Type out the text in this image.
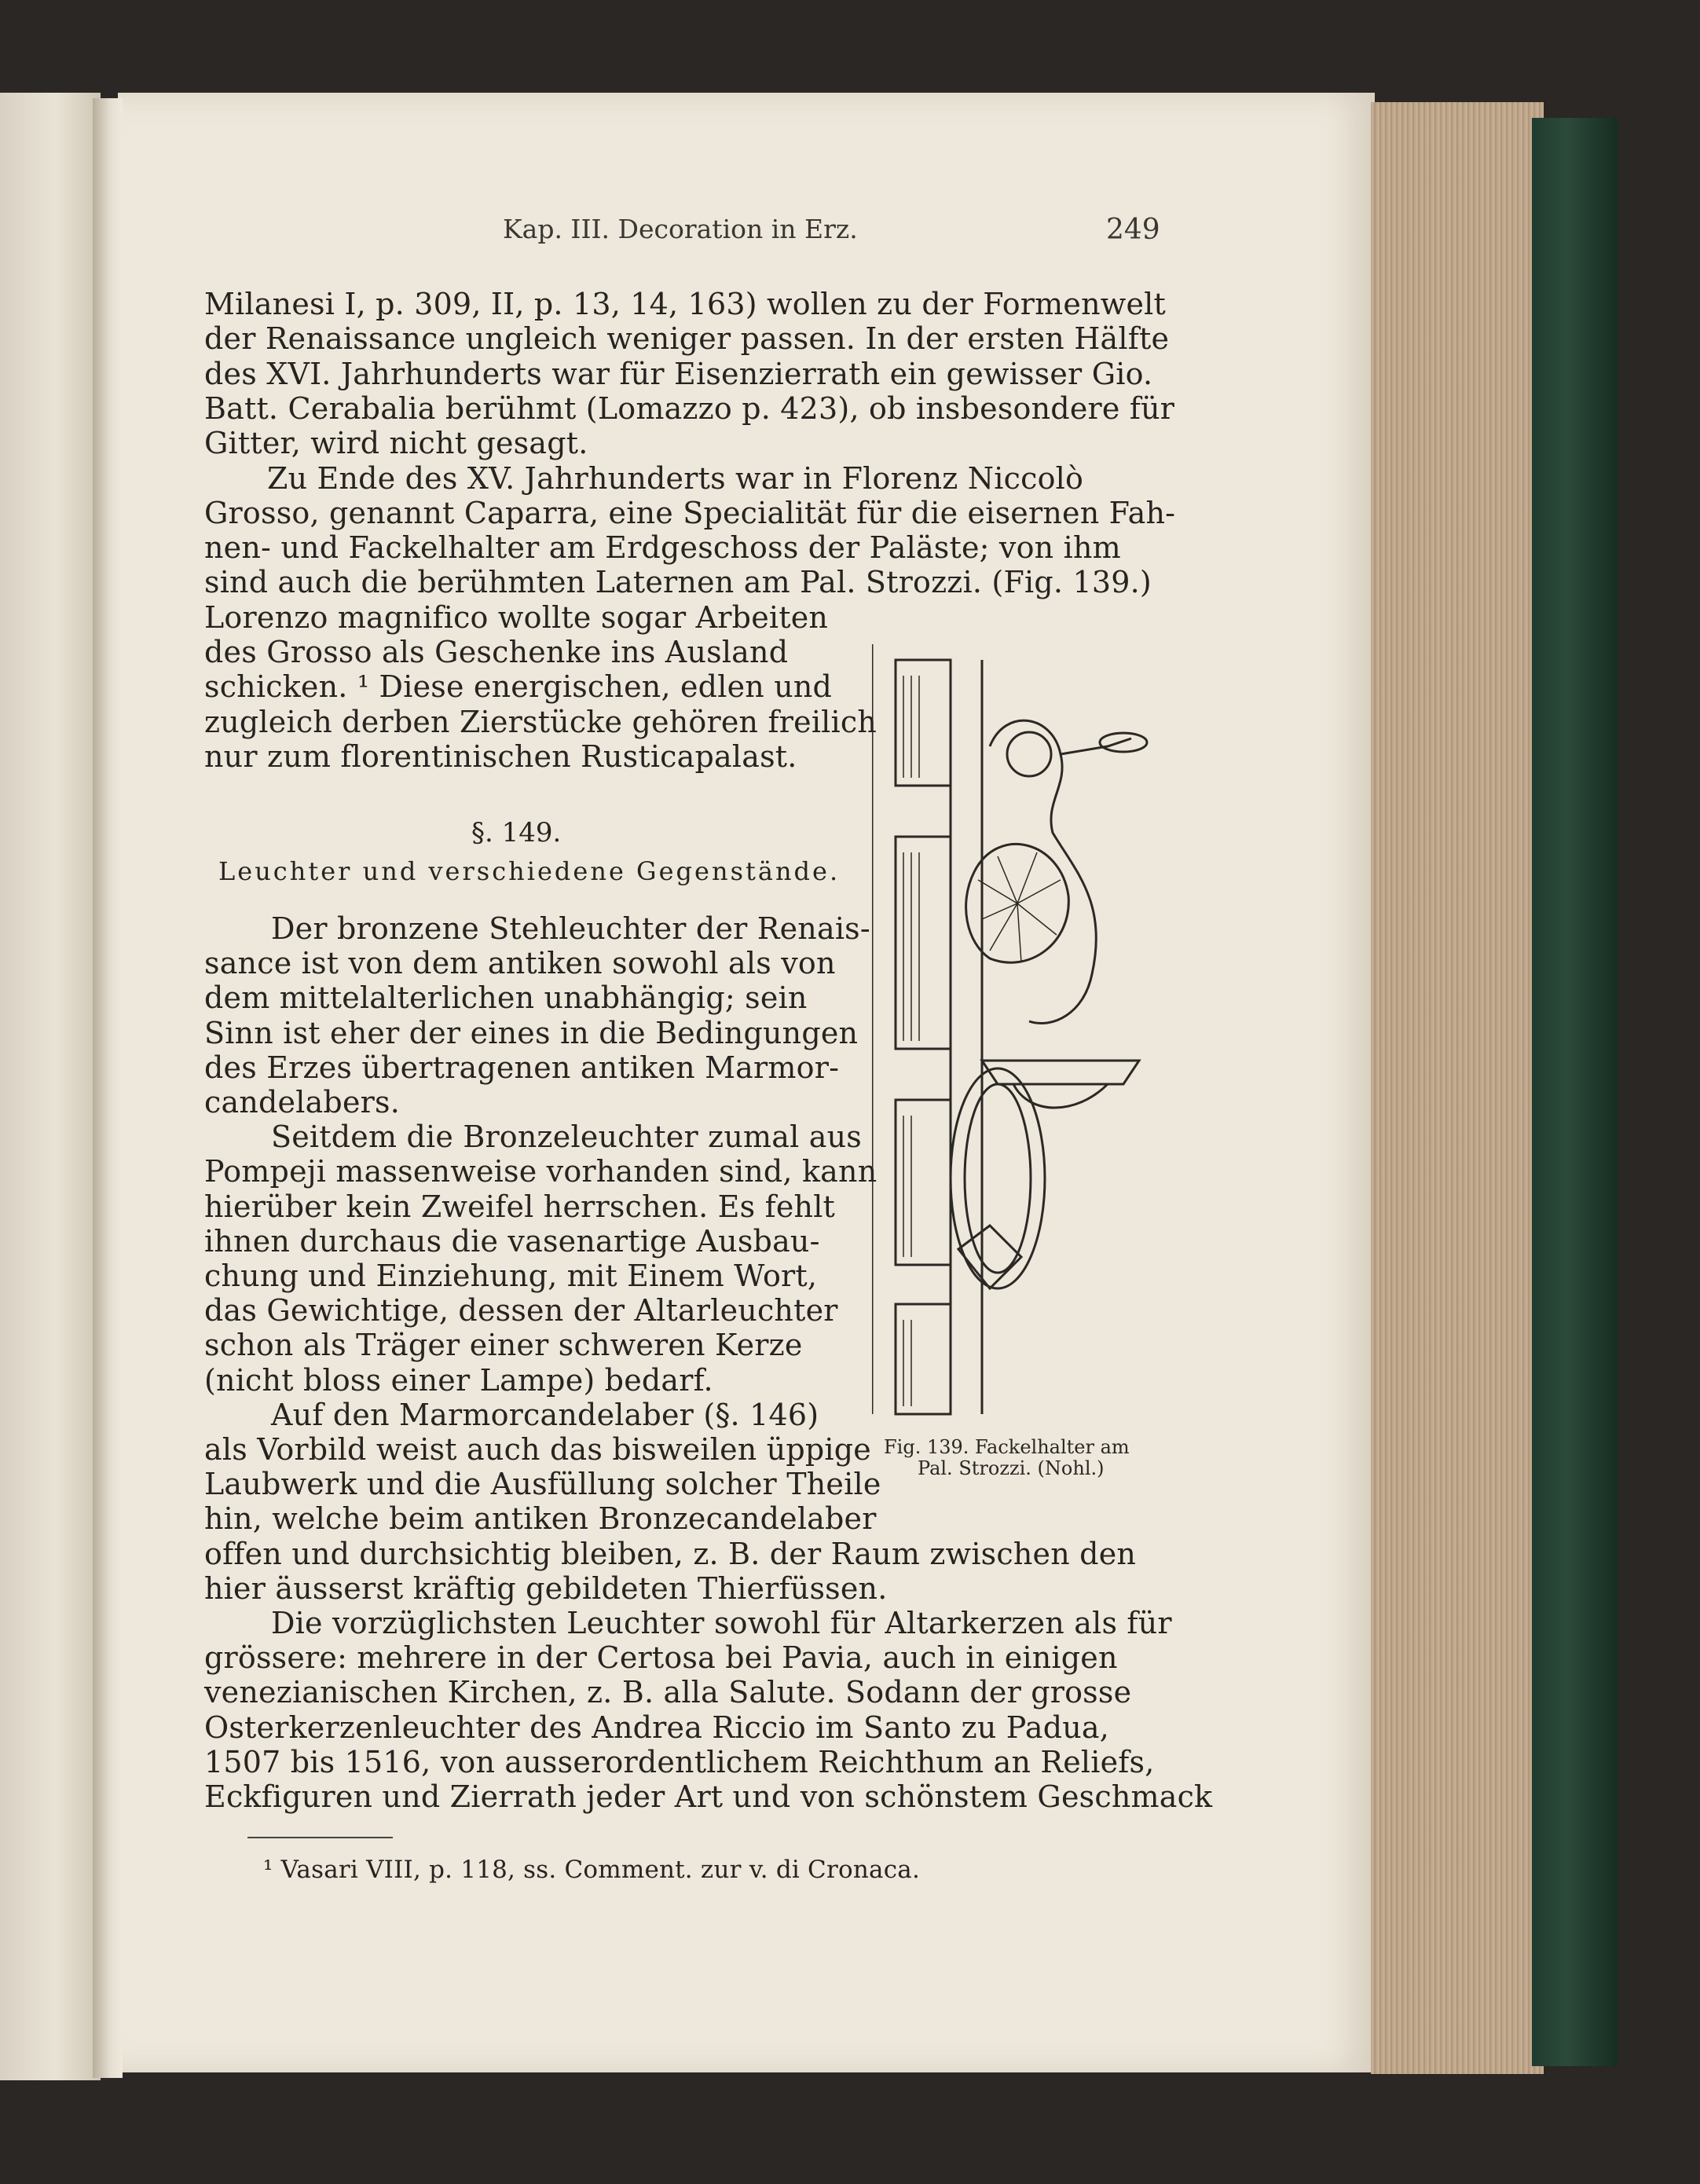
Kap. III. Decoration in Erz.	249
Milanesi I, p. 309, II, p. 13, 14, 163) wollen zu der Formenwelt
der Renaissance ungleich weniger passen. In der ersten Hälfte
des XVI. Jahrhunderts war für Eisenzierrath ein gewisser Gio.
Batt. Cerabalia berühmt (Lomazzo p. 423), ob insbesondere für
Gitter, wird nicht gesagt.
Zu Ende des XV. Jahrhunderts war in Florenz Niccolò
Grosso, genannt Caparra, eine Specialität für die eisernen Fah-
nen- und Fackelhalter am Erdgeschoss der Paläste; von ihm
sind auch die berühmten Laternen am Pal. Strozzi. (Fig. 139.)
Lorenzo magnifico wollte sogar Arbeiten
des Grosso als Geschenke ins Ausland
schicken. ¹ Diese energischen, edlen und
zugleich derben Zierstücke gehören freilich
nur zum florentinischen Rusticapalast.
§. 149.
Leuchter und verschiedene Gegenstände.
Der bronzene Stehleuchter der Renais-
sance ist von dem antiken sowohl als von
dem mittelalterlichen unabhängig; sein
Sinn ist eher der eines in die Bedingungen
des Erzes übertragenen antiken Marmor-
candelabers.
Seitdem die Bronzeleuchter zumal aus
Pompeji massenweise vorhanden sind, kann
hierüber kein Zweifel herrschen. Es fehlt
ihnen durchaus die vasenartige Ausbau-
chung und Einziehung, mit Einem Wort,
das Gewichtige, dessen der Altarleuchter
schon als Träger einer schweren Kerze
(nicht bloss einer Lampe) bedarf.
Auf den Marmorcandelaber (§. 146)
als Vorbild weist auch das bisweilen üppige
Laubwerk und die Ausfüllung solcher Theile
hin, welche beim antiken Bronzecandelaber
offen und durchsichtig bleiben, z. B. der Raum zwischen den
hier äusserst kräftig gebildeten Thierfüssen.
Die vorzüglichsten Leuchter sowohl für Altarkerzen als für
grössere: mehrere in der Certosa bei Pavia, auch in einigen
venezianischen Kirchen, z. B. alla Salute. Sodann der grosse
Osterkerzenleuchter des Andrea Riccio im Santo zu Padua,
1507 bis 1516, von ausserordentlichem Reichthum an Reliefs,
Eckfiguren und Zierrath jeder Art und von schönstem Geschmack
Fig. 139. Fackelhalter am
Pal. Strozzi. (Nohl.)
¹ Vasari VIII, p. 118, ss. Comment. zur v. di Cronaca.
